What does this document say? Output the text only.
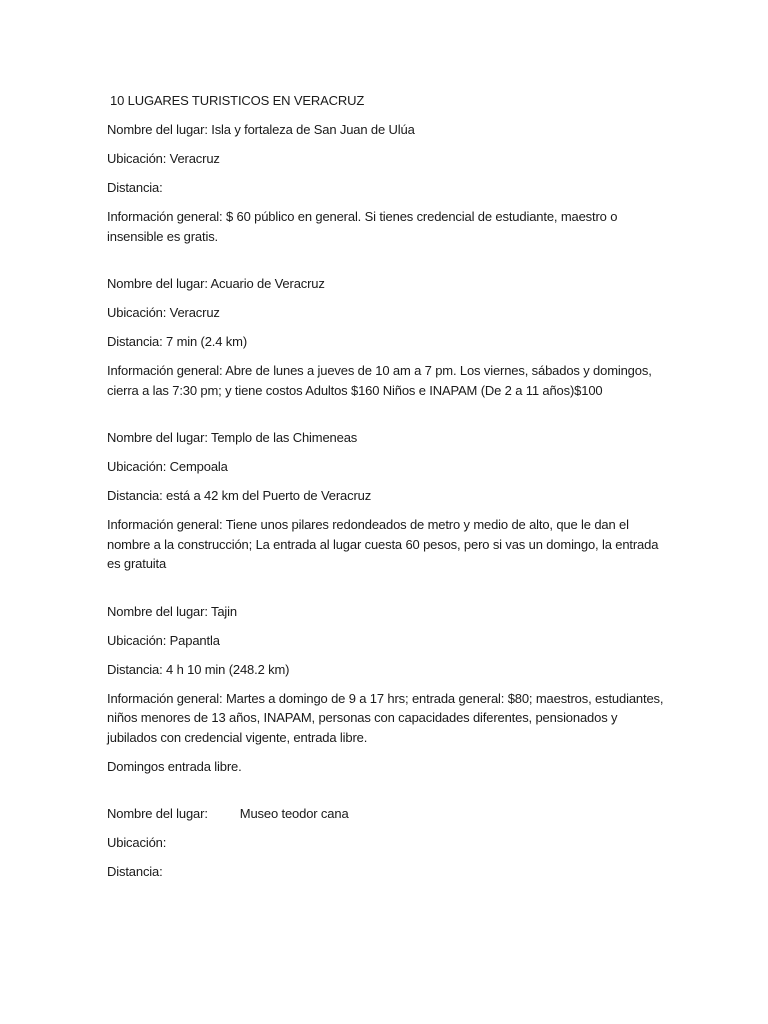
10 LUGARES TURISTICOS EN VERACRUZ

Nombre del lugar: Isla y fortaleza de San Juan de Ulúa

Ubicación: Veracruz

Distancia:

Información general: $ 60 público en general. Si tienes credencial de estudiante, maestro o insensible es gratis.

Nombre del lugar: Acuario de Veracruz

Ubicación: Veracruz

Distancia: 7 min (2.4 km)

Información general: Abre de lunes a jueves de 10 am a 7 pm. Los viernes, sábados y domingos, cierra a las 7:30 pm; y tiene costos Adultos $160 Niños e INAPAM (De 2 a 11 años)$100

Nombre del lugar: Templo de las Chimeneas

Ubicación: Cempoala

Distancia: está a 42 km del Puerto de Veracruz

Información general: Tiene unos pilares redondeados de metro y medio de alto, que le dan el nombre a la construcción; La entrada al lugar cuesta 60 pesos, pero si vas un domingo, la entrada es gratuita

Nombre del lugar: Tajin

Ubicación: Papantla

Distancia: 4 h 10 min (248.2 km)

Información general: Martes a domingo de 9 a 17 hrs; entrada general: $80; maestros, estudiantes, niños menores de 13 años, INAPAM, personas con capacidades diferentes, pensionados y jubilados con credencial vigente, entrada libre.

Domingos entrada libre.

Nombre del lugar: Museo teodor cana

Ubicación:

Distancia:
